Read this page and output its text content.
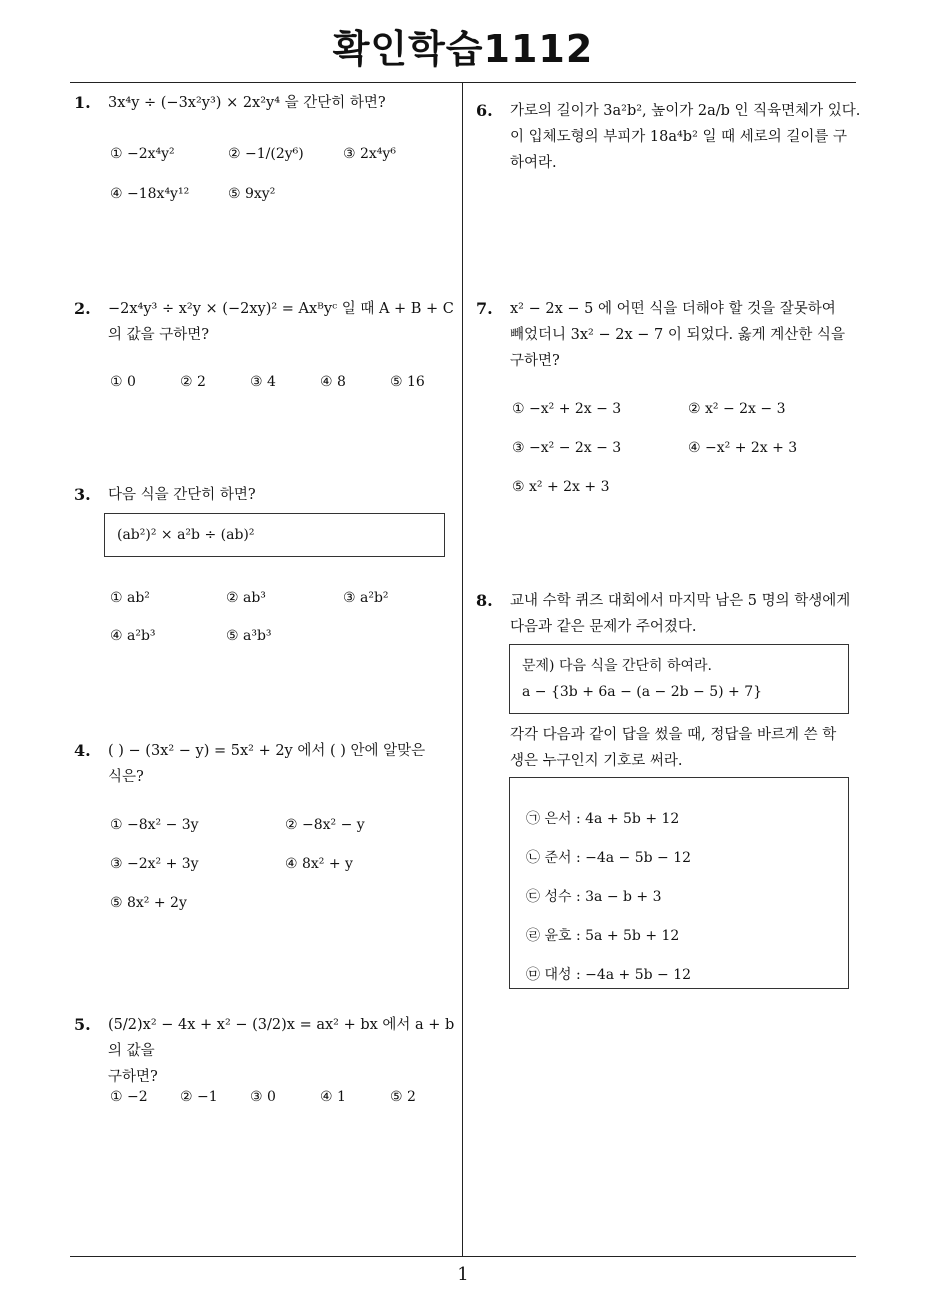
확인학습1112
1
1. 3x⁴y ÷ (−3x²y³) × 2x²y⁴ 을 간단히 하면?
① −2x⁴y²	② −1/(2y⁶)	③ 2x⁴y⁶
④ −18x⁴y¹²	⑤ 9xy²
2. −2x⁴y³ ÷ x²y × (−2xy)² = Axᴮyᶜ 일 때 A + B + C
의 값을 구하면?
① 0	② 2	③ 4	④ 8	⑤ 16
3. 다음 식을 간단히 하면?
(ab²)² × a²b ÷ (ab)²
① ab²	② ab³	③ a²b²
④ a²b³	⑤ a³b³
4. ( ) − (3x² − y) = 5x² + 2y 에서 ( ) 안에 알맞은
식은?
① −8x² − 3y	② −8x² − y
③ −2x² + 3y	④ 8x² + y
⑤ 8x² + 2y
5. (5/2)x² − 4x + x² − (3/2)x = ax² + bx 에서 a + b 의 값을
구하면?
① −2 ② −1 ③ 0	④ 1	⑤ 2
6. 가로의 길이가 3a²b², 높이가 2a/b 인 직육면체가 있다.
이 입체도형의 부피가 18a⁴b² 일 때 세로의 길이를 구
하여라.
7. x² − 2x − 5 에 어떤 식을 더해야 할 것을 잘못하여
빼었더니 3x² − 2x − 7 이 되었다. 옳게 계산한 식을
구하면?
① −x² + 2x − 3	② x² − 2x − 3
③ −x² − 2x − 3	④ −x² + 2x + 3
⑤ x² + 2x + 3
8. 교내 수학 퀴즈 대회에서 마지막 남은 5 명의 학생에게
다음과 같은 문제가 주어졌다.
문제) 다음 식을 간단히 하여라.
a − {3b + 6a − (a − 2b − 5) + 7}
각각 다음과 같이 답을 썼을 때, 정답을 바르게 쓴 학
생은 누구인지 기호로 써라.
㉠ 은서 : 4a + 5b + 12
㉡ 준서 : −4a − 5b − 12
㉢ 성수 : 3a − b + 3
㉣ 윤호 : 5a + 5b + 12
㉤ 대성 : −4a + 5b − 12
